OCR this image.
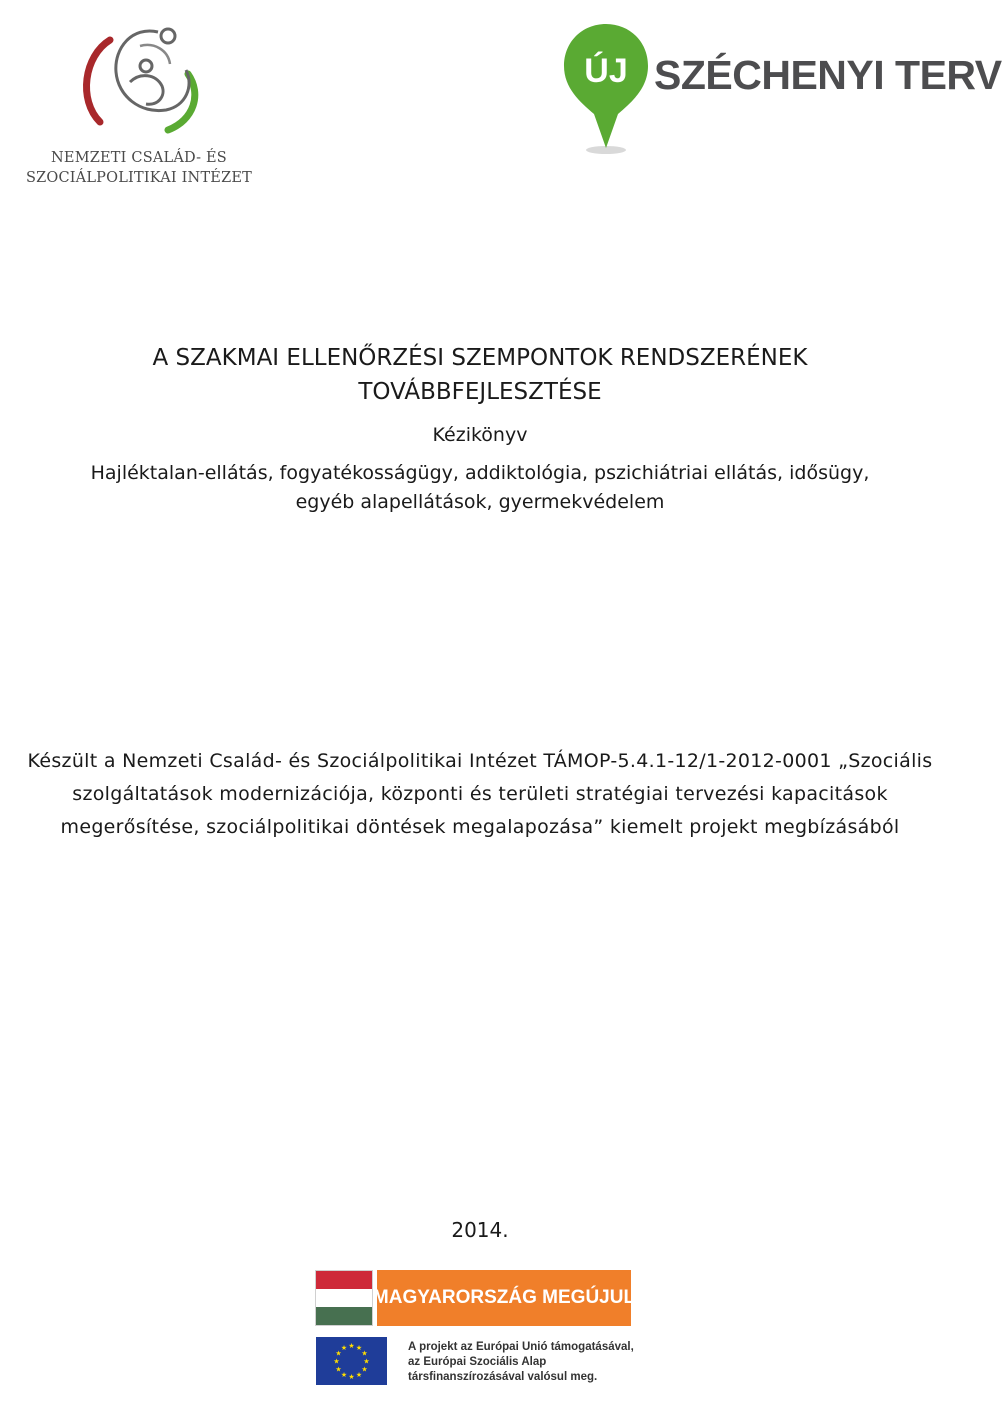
NEMZETI CSALÁD- ÉS
SZOCIÁLPOLITIKAI INTÉZET
ÚJ SZÉCHENYI TERV
A SZAKMAI ELLENŐRZÉSI SZEMPONTOK RENDSZERÉNEK
TOVÁBBFEJLESZTÉSE
Kézikönyv
Hajléktalan-ellátás, fogyatékosságügy, addiktológia, pszichiátriai ellátás, idősügy,
egyéb alapellátások, gyermekvédelem
Készült a Nemzeti Család- és Szociálpolitikai Intézet TÁMOP-5.4.1-12/1-2012-0001 „Szociális
szolgáltatások modernizációja, központi és területi stratégiai tervezési kapacitások
megerősítése, szociálpolitikai döntések megalapozása” kiemelt projekt megbízásából
2014.
MAGYARORSZÁG MEGÚJUL
★ ★
★
★
★
★
★
★
★
★
★
★	A projekt az Európai Unió támogatásával,
az Európai Szociális Alap
társfinanszírozásával valósul meg.
